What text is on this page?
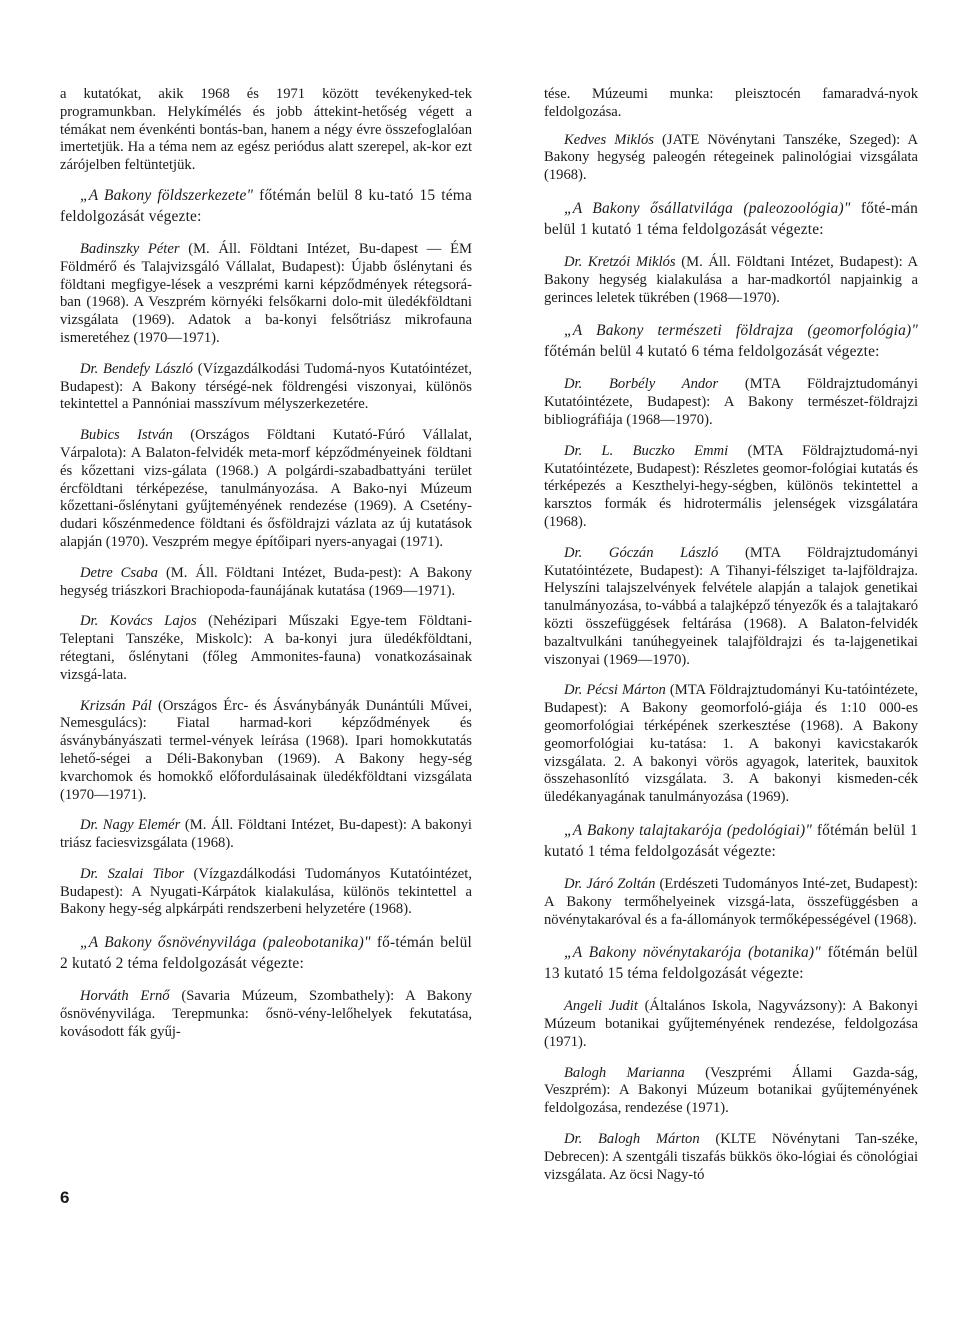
a kutatókat, akik 1968 és 1971 között tevékenyked-tek programunkban. Helykímélés és jobb áttekint-hetőség végett a témákat nem évenkénti bontás-ban, hanem a négy évre összefoglalóan imertetjük. Ha a téma nem az egész periódus alatt szerepel, ak-kor ezt zárójelben feltüntetjük.

„A Bakony földszerkezete" főtémán belül 8 ku-tató 15 téma feldolgozását végezte:

Badinszky Péter (M. Áll. Földtani Intézet, Bu-dapest — ÉM Földmérő és Talajvizsgáló Vállalat, Budapest): Újabb őslénytani és földtani megfigye-lések a veszprémi karni képződmények rétegsorá-ban (1968). A Veszprém környéki felsőkarni dolo-mit üledékföldtani vizsgálata (1969). Adatok a ba-konyi felsőtriász mikrofauna ismeretéhez (1970—1971).

Dr. Bendefy László (Vízgazdálkodási Tudomá-nyos Kutatóintézet, Budapest): A Bakony térségé-nek földrengési viszonyai, különös tekintettel a Pannóniai masszívum mélyszerkezetére.

Bubics István (Országos Földtani Kutató-Fúró Vállalat, Várpalota): A Balaton-felvidék meta-morf képződményeinek földtani és kőzettani vizs-gálata (1968.) A polgárdi-szabadbattyáni terület ércföldtani térképezése, tanulmányozása. A Bako-nyi Múzeum kőzettani-őslénytani gyűjteményének rendezése (1969). A Csetény-dudari kőszénmedence földtani és ősföldrajzi vázlata az új kutatások alapján (1970). Veszprém megye építőipari nyers-anyagai (1971).

Detre Csaba (M. Áll. Földtani Intézet, Buda-pest): A Bakony hegység triászkori Brachiopoda-faunájának kutatása (1969—1971).

Dr. Kovács Lajos (Nehézipari Műszaki Egye-tem Földtani-Teleptani Tanszéke, Miskolc): A ba-konyi jura üledékföldtani, rétegtani, őslénytani (főleg Ammonites-fauna) vonatkozásainak vizsgá-lata.

Krizsán Pál (Országos Érc- és Ásványbányák Dunántúli Művei, Nemesgulács): Fiatal harmad-kori képződmények és ásványbányászati termel-vények leírása (1968). Ipari homokkutatás lehető-ségei a Déli-Bakonyban (1969). A Bakony hegy-ség kvarchomok és homokkő előfordulásainak üledékföldtani vizsgálata (1970—1971).

Dr. Nagy Elemér (M. Áll. Földtani Intézet, Bu-dapest): A bakonyi triász faciesvizsgálata (1968).

Dr. Szalai Tibor (Vízgazdálkodási Tudományos Kutatóintézet, Budapest): A Nyugati-Kárpátok kialakulása, különös tekintettel a Bakony hegy-ség alpkárpáti rendszerbeni helyzetére (1968).

„A Bakony ősnövényvilága (paleobotanika)" fő-témán belül 2 kutató 2 téma feldolgozását végezte:

Horváth Ernő (Savaria Múzeum, Szombathely): A Bakony ősnövényvilága. Terepmunka: ősnö-vény-lelőhelyek fekutatása, kovásodott fák gyűj-

tése. Múzeumi munka: pleisztocén famaradvá-nyok feldolgozása.

Kedves Miklós (JATE Növénytani Tanszéke, Szeged): A Bakony hegység paleogén rétegeinek palinológiai vizsgálata (1968).

„A Bakony ősállatvilága (paleozoológia)" főté-mán belül 1 kutató 1 téma feldolgozását végezte:

Dr. Kretzói Miklós (M. Áll. Földtani Intézet, Budapest): A Bakony hegység kialakulása a har-madkortól napjainkig a gerinces leletek tükrében (1968—1970).

„A Bakony természeti földrajza (geomorfológia)" főtémán belül 4 kutató 6 téma feldolgozását végezte:

Dr. Borbély Andor (MTA Földrajztudományi Kutatóintézete, Budapest): A Bakony természet-földrajzi bibliográfiája (1968—1970).

Dr. L. Buczko Emmi (MTA Földrajztudomá-nyi Kutatóintézete, Budapest): Részletes geomor-fológiai kutatás és térképezés a Keszthelyi-hegy-ségben, különös tekintettel a karsztos formák és hidrotermális jelenségek vizsgálatára (1968).

Dr. Góczán László (MTA Földrajztudományi Kutatóintézete, Budapest): A Tihanyi-félsziget ta-lajföldrajza. Helyszíni talajszelvények felvétele alapján a talajok genetikai tanulmányozása, to-vábbá a talajképző tényezők és a talajtakaró közti összefüggések feltárása (1968). A Balaton-felvidék bazaltvulkáni tanúhegyeinek talajföldrajzi és ta-lajgenetikai viszonyai (1969—1970).

Dr. Pécsi Márton (MTA Földrajztudományi Ku-tatóintézete, Budapest): A Bakony geomorfoló-giája és 1:10 000-es geomorfológiai térképének szerkesztése (1968). A Bakony geomorfológiai ku-tatása: 1. A bakonyi kavicstakarók vizsgálata. 2. A bakonyi vörös agyagok, lateritek, bauxitok összehasonlító vizsgálata. 3. A bakonyi kismeden-cék üledékanyagának tanulmányozása (1969).

„A Bakony talajtakarója (pedológiai)" főtémán belül 1 kutató 1 téma feldolgozását végezte:

Dr. Járó Zoltán (Erdészeti Tudományos Inté-zet, Budapest): A Bakony termőhelyeinek vizsgá-lata, összefüggésben a növénytakaróval és a fa-állományok termőképességével (1968).

„A Bakony növénytakarója (botanika)" főtémán belül 13 kutató 15 téma feldolgozását végezte:

Angeli Judit (Általános Iskola, Nagyvázsony): A Bakonyi Múzeum botanikai gyűjteményének rendezése, feldolgozása (1971).

Balogh Marianna (Veszprémi Állami Gazda-ság, Veszprém): A Bakonyi Múzeum botanikai gyűjteményének feldolgozása, rendezése (1971).

Dr. Balogh Márton (KLTE Növénytani Tan-széke, Debrecen): A szentgáli tiszafás bükkös öko-lógiai és cönológiai vizsgálata. Az öcsi Nagy-tó

6
